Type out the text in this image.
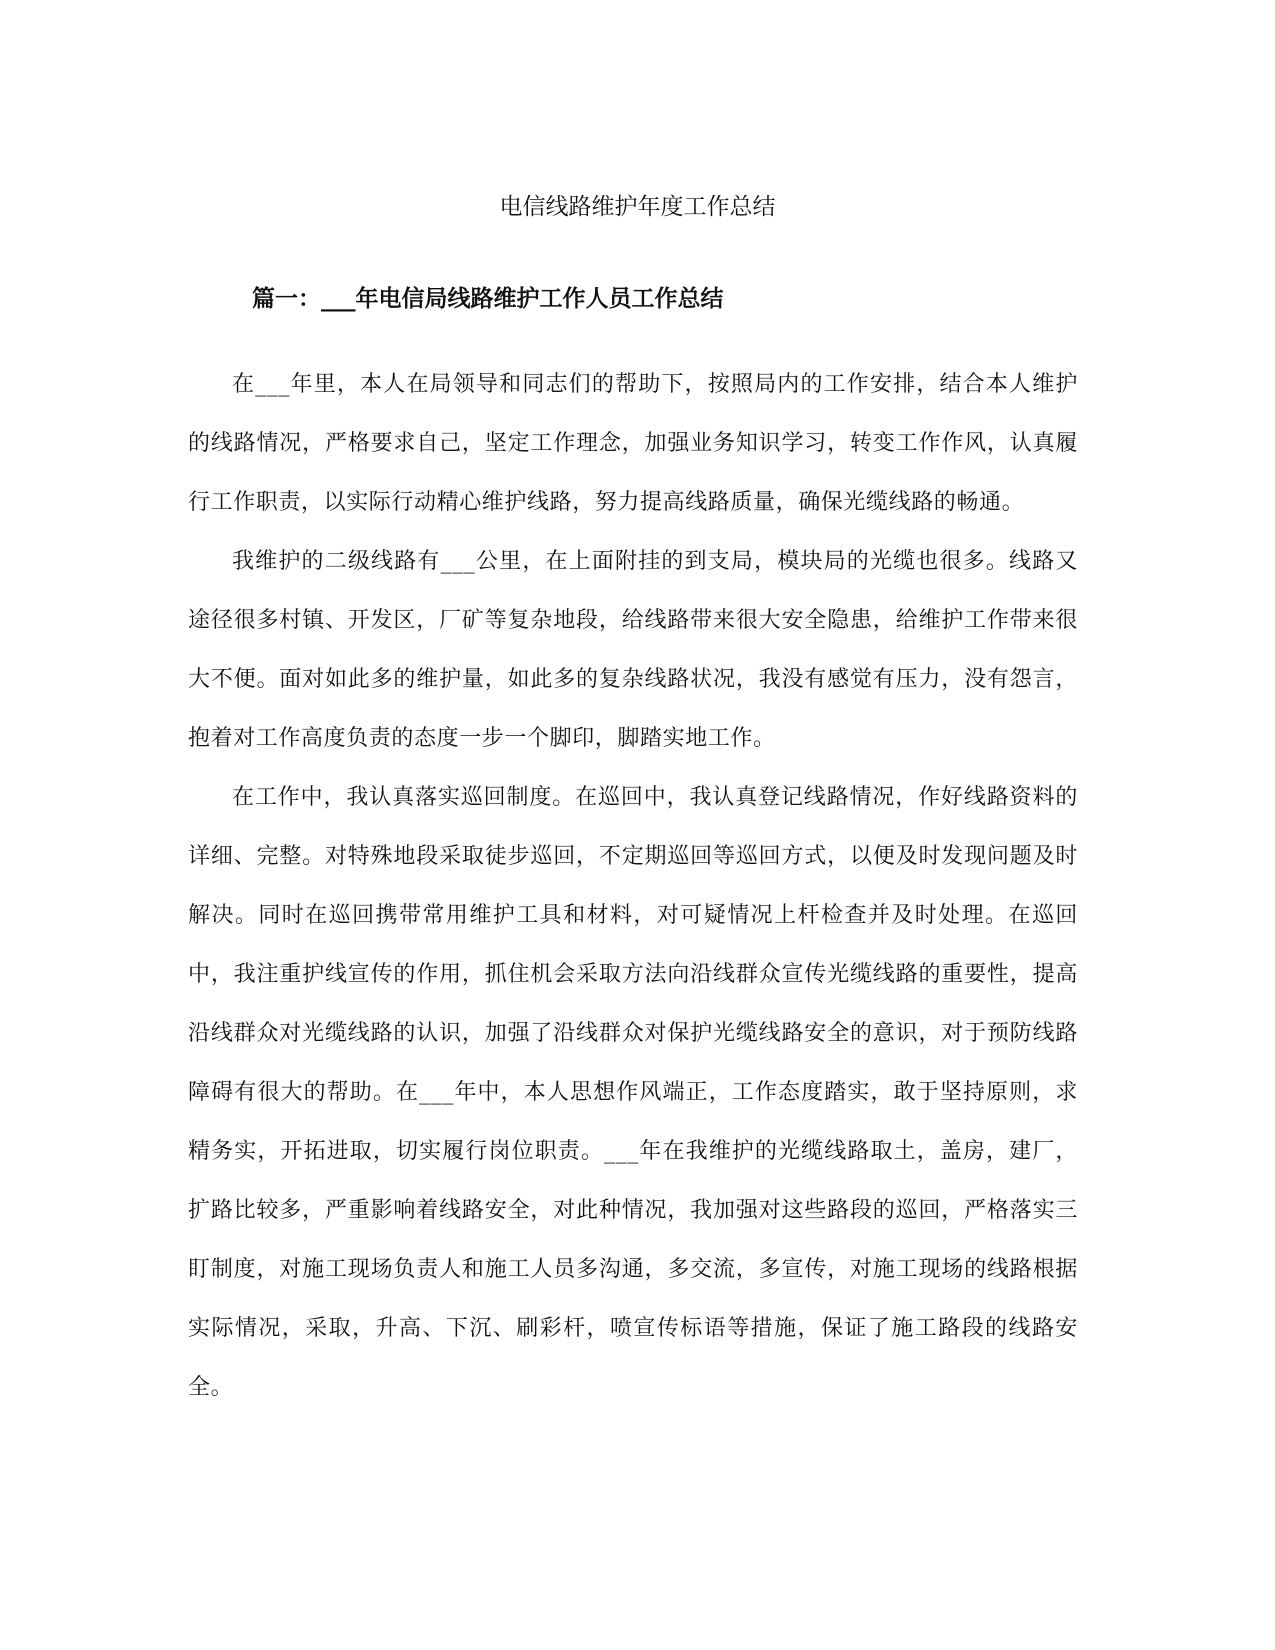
电信线路维护年度工作总结
篇一：___年电信局线路维护工作人员工作总结

在___年里，本人在局领导和同志们的帮助下，按照局内的工作安排，结合本人维护的线路情况，严格要求自己，坚定工作理念，加强业务知识学习，转变工作作风，认真履行工作职责，以实际行动精心维护线路，努力提高线路质量，确保光缆线路的畅通。

我维护的二级线路有___公里，在上面附挂的到支局，模块局的光缆也很多。线路又途径很多村镇、开发区，厂矿等复杂地段，给线路带来很大安全隐患，给维护工作带来很大不便。面对如此多的维护量，如此多的复杂线路状况，我没有感觉有压力，没有怨言，抱着对工作高度负责的态度一步一个脚印，脚踏实地工作。

在工作中，我认真落实巡回制度。在巡回中，我认真登记线路情况，作好线路资料的详细、完整。对特殊地段采取徒步巡回，不定期巡回等巡回方式，以便及时发现问题及时解决。同时在巡回携带常用维护工具和材料，对可疑情况上杆检查并及时处理。在巡回中，我注重护线宣传的作用，抓住机会采取方法向沿线群众宣传光缆线路的重要性，提高沿线群众对光缆线路的认识，加强了沿线群众对保护光缆线路安全的意识，对于预防线路障碍有很大的帮助。在___年中，本人思想作风端正，工作态度踏实，敢于坚持原则，求精务实，开拓进取，切实履行岗位职责。___年在我维护的光缆线路取土，盖房，建厂，扩路比较多，严重影响着线路安全，对此种情况，我加强对这些路段的巡回，严格落实三盯制度，对施工现场负责人和施工人员多沟通，多交流，多宣传，对施工现场的线路根据实际情况，采取，升高、下沉、刷彩杆，喷宣传标语等措施，保证了施工路段的线路安全。
